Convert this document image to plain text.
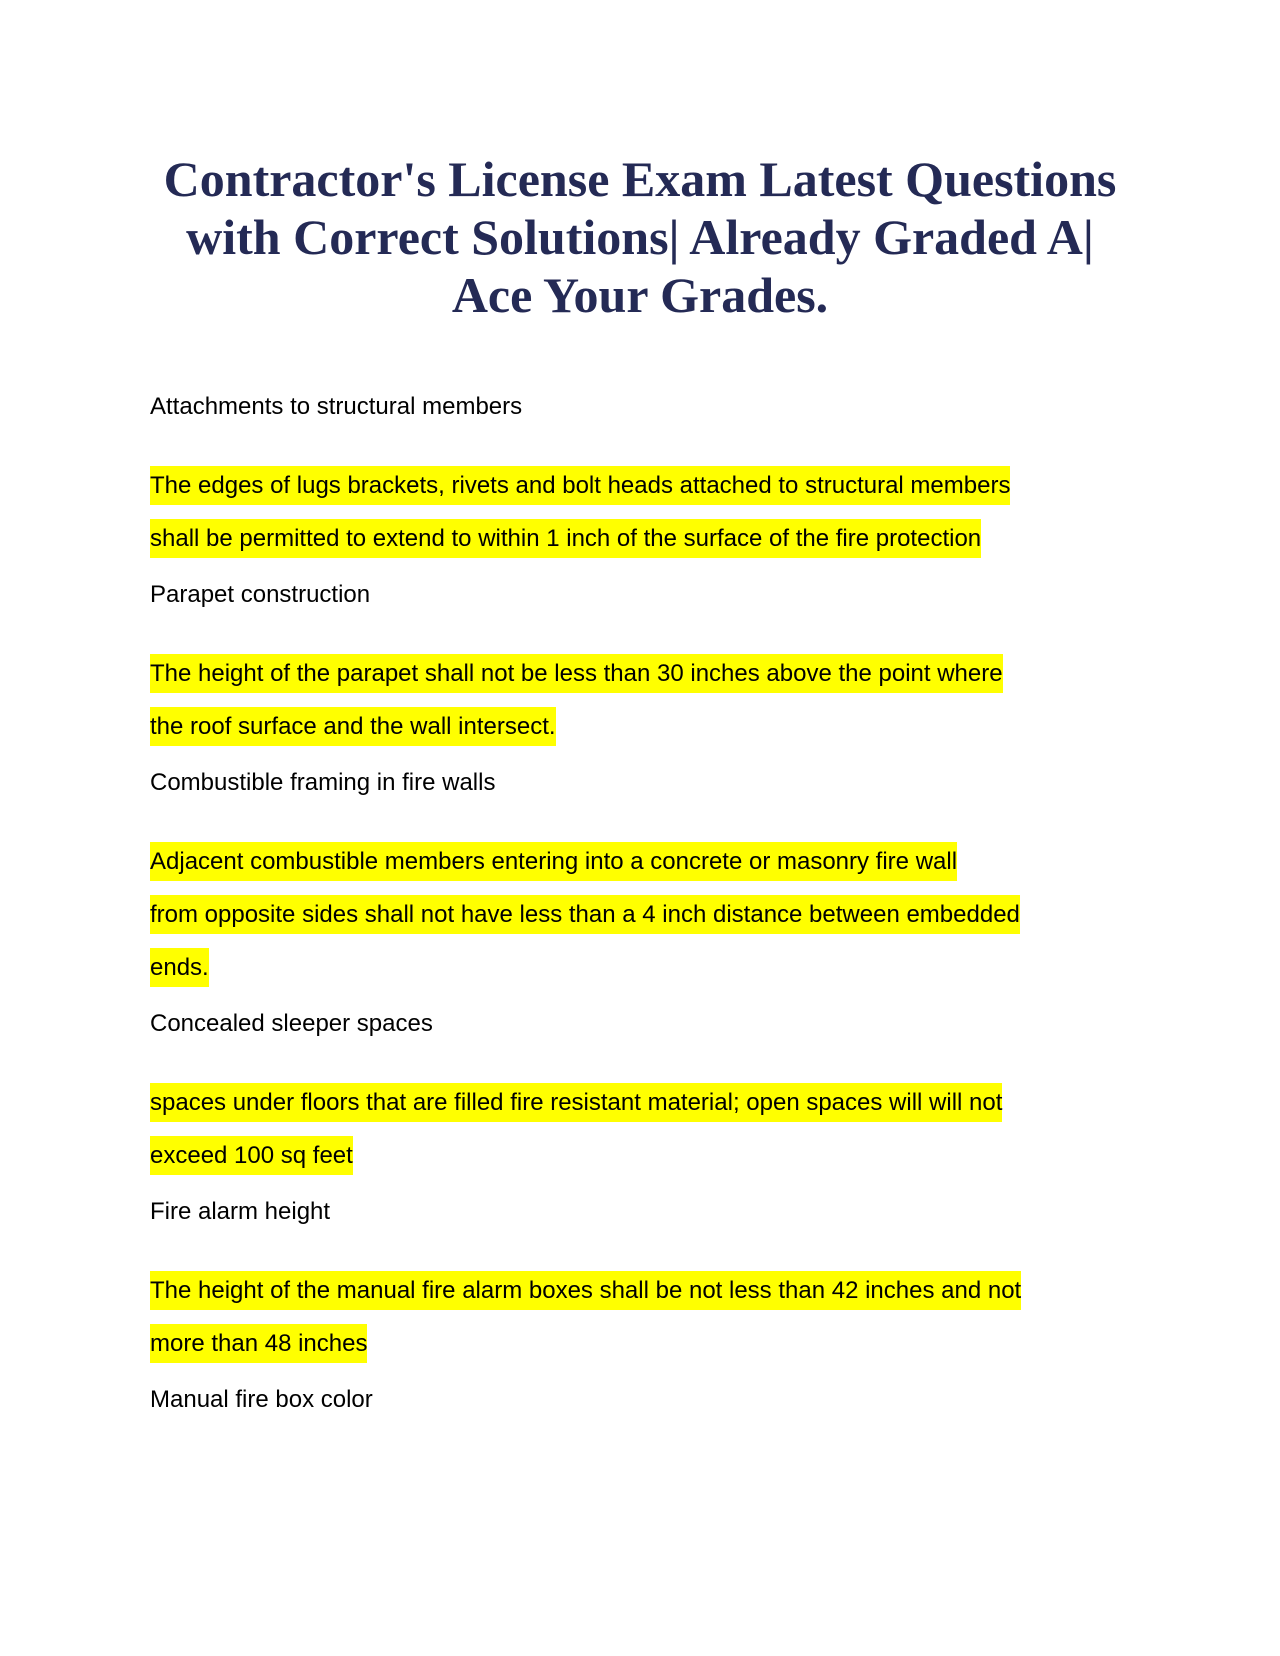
Contractor's License Exam Latest Questions
with Correct Solutions| Already Graded A|
Ace Your Grades.

Attachments to structural members

The edges of lugs brackets, rivets and bolt heads attached to structural members
shall be permitted to extend to within 1 inch of the surface of the fire protection

Parapet construction

The height of the parapet shall not be less than 30 inches above the point where
the roof surface and the wall intersect.

Combustible framing in fire walls

Adjacent combustible members entering into a concrete or masonry fire wall
from opposite sides shall not have less than a 4 inch distance between embedded
ends.

Concealed sleeper spaces

spaces under floors that are filled fire resistant material; open spaces will will not
exceed 100 sq feet

Fire alarm height

The height of the manual fire alarm boxes shall be not less than 42 inches and not
more than 48 inches

Manual fire box color
